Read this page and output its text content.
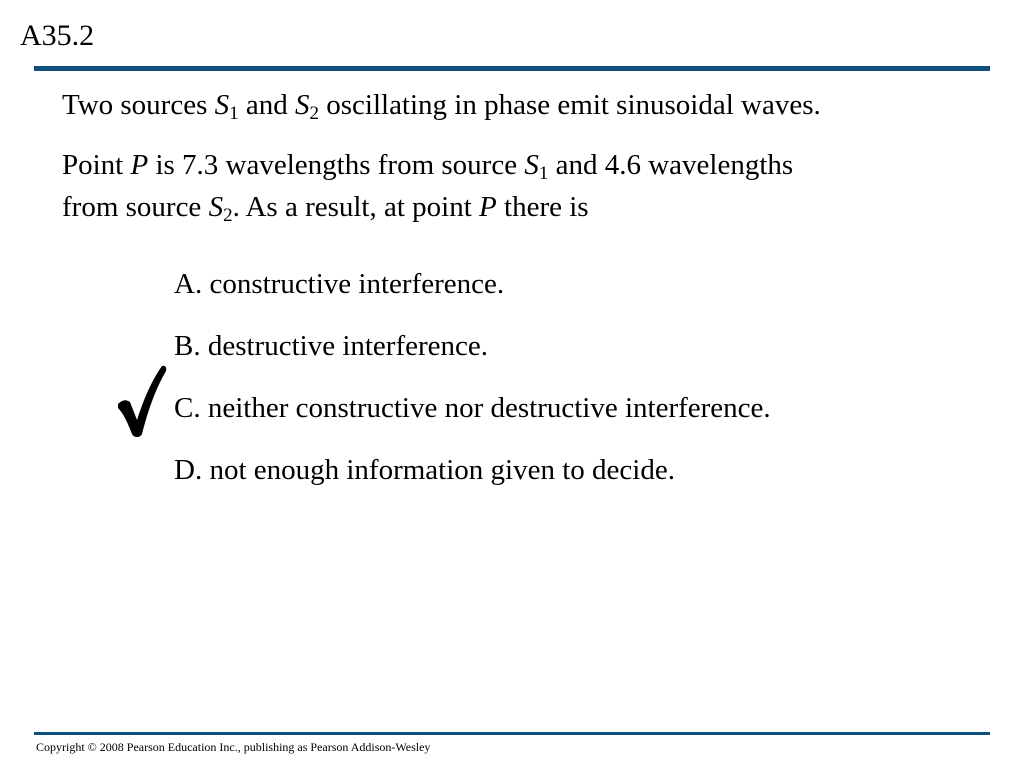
A35.2
Two sources $S_1$ and $S_2$ oscillating in phase emit sinusoidal waves.
Point P is 7.3 wavelengths from source $S_1$ and 4.6 wavelengths
from source $S_2$. As a result, at point P there is
A. constructive interference.
B. destructive interference.
C. neither constructive nor destructive interference.
D. not enough information given to decide.
Copyright © 2008 Pearson Education Inc., publishing as Pearson Addison-Wesley
